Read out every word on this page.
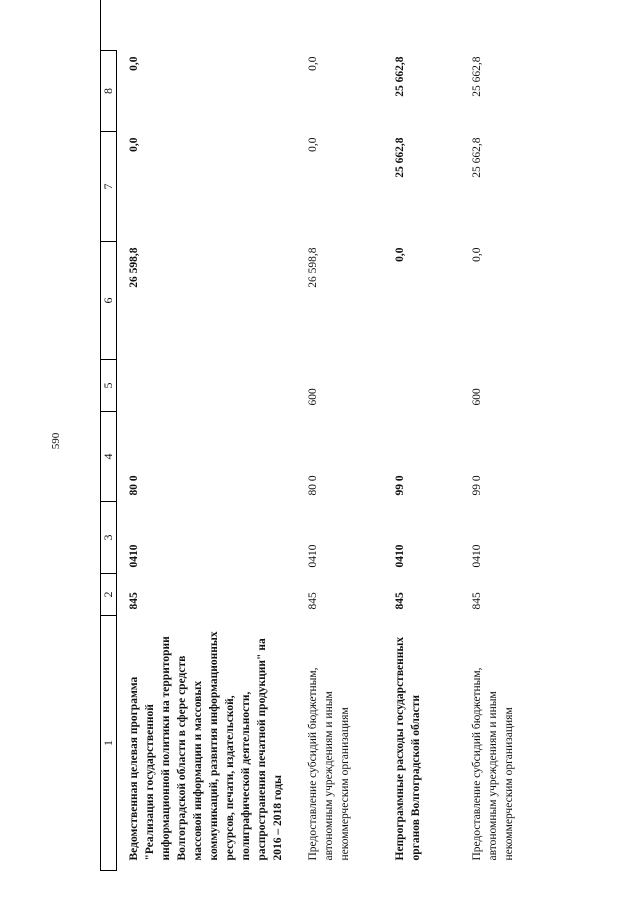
590
1	2	3	4	5	6	7	8
Ведомственная целевая программа "Реализация государственной информационной политики на территории Волгоградской области в сфере средств массовой информации и массовых коммуникаций, развития информационных ресурсов, печати, издательской, полиграфической деятельности, распространения печатной продукции" на 2016 – 2018 годы	845	0410	80 0		26 598,8	0,0	0,0
Предоставление субсидий бюджетным, автономным учреждениям и иным некоммерческим организациям	845	0410	80 0	600	26 598,8	0,0	0,0
Непрограммные расходы государственных органов Волгоградской области	845	0410	99 0		0,0	25 662,8	25 662,8
Предоставление субсидий бюджетным, автономным учреждениям и иным некоммерческим организациям	845	0410	99 0	600	0,0	25 662,8	25 662,8
